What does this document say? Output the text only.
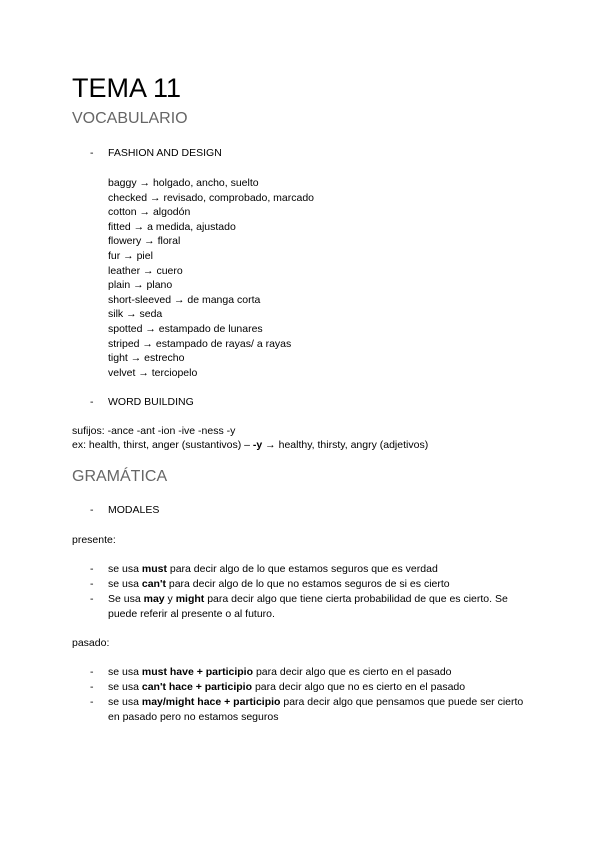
TEMA 11
VOCABULARIO
- FASHION AND DESIGN
baggy → holgado, ancho, suelto
checked → revisado, comprobado, marcado
cotton → algodón
fitted → a medida, ajustado
flowery → floral
fur → piel
leather → cuero
plain → plano
short-sleeved → de manga corta
silk → seda
spotted → estampado de lunares
striped → estampado de rayas/ a rayas
tight → estrecho
velvet → terciopelo
- WORD BUILDING
sufijos: -ance -ant -ion -ive -ness -y
ex: health, thirst, anger (sustantivos) – -y → healthy, thirsty, angry (adjetivos)
GRAMÁTICA
- MODALES
presente:
- se usa must para decir algo de lo que estamos seguros que es verdad
- se usa can't para decir algo de lo que no estamos seguros de si es cierto
- Se usa may y might para decir algo que tiene cierta probabilidad de que es cierto. Se puede referir al presente o al futuro.
pasado:
- se usa must have + participio para decir algo que es cierto en el pasado
- se usa can't hace + participio para decir algo que no es cierto en el pasado
- se usa may/might hace + participio para decir algo que pensamos que puede ser cierto en pasado pero no estamos seguros
